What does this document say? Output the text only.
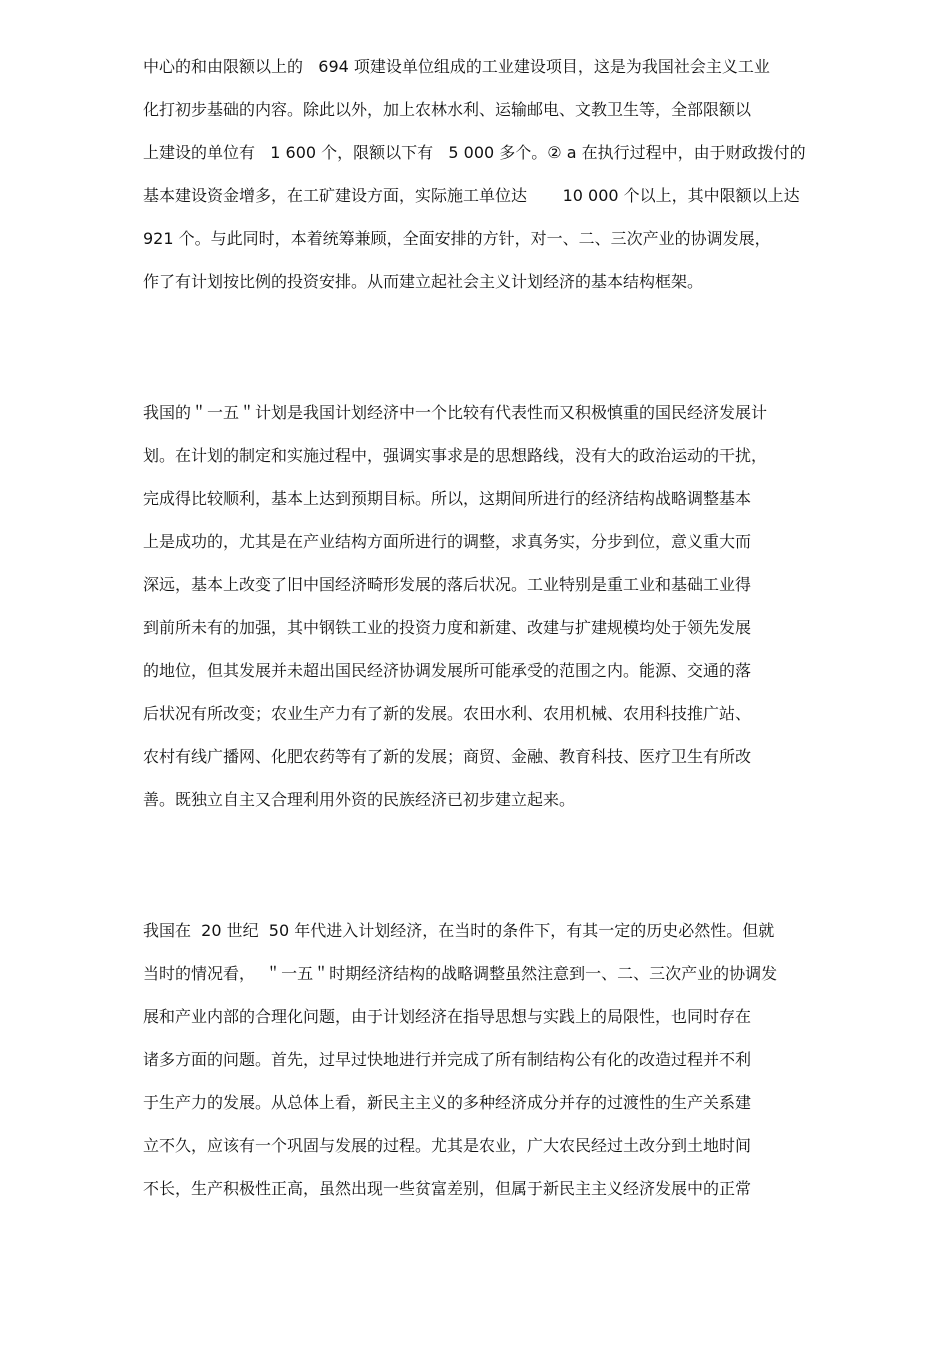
中心的和由限额以上的   694 项建设单位组成的工业建设项目，这是为我国社会主义工业
化打初步基础的内容。除此以外，加上农林水利、运输邮电、文教卫生等，全部限额以
上建设的单位有   1 600 个，限额以下有   5 000 多个。② a 在执行过程中，由于财政拨付的
基本建设资金增多，在工矿建设方面，实际施工单位达       10 000 个以上，其中限额以上达
921 个。与此同时，本着统筹兼顾，全面安排的方针，对一、二、三次产业的协调发展，
作了有计划按比例的投资安排。从而建立起社会主义计划经济的基本结构框架。
我国的＂一五＂计划是我国计划经济中一个比较有代表性而又积极慎重的国民经济发展计
划。在计划的制定和实施过程中，强调实事求是的思想路线，没有大的政治运动的干扰，
完成得比较顺利，基本上达到预期目标。所以，这期间所进行的经济结构战略调整基本
上是成功的，尤其是在产业结构方面所进行的调整，求真务实，分步到位，意义重大而
深远，基本上改变了旧中国经济畸形发展的落后状况。工业特别是重工业和基础工业得
到前所未有的加强，其中钢铁工业的投资力度和新建、改建与扩建规模均处于领先发展
的地位，但其发展并未超出国民经济协调发展所可能承受的范围之内。能源、交通的落
后状况有所改变；农业生产力有了新的发展。农田水利、农用机械、农用科技推广站、
农村有线广播网、化肥农药等有了新的发展；商贸、金融、教育科技、医疗卫生有所改
善。既独立自主又合理利用外资的民族经济已初步建立起来。
我国在  20 世纪  50 年代进入计划经济，在当时的条件下，有其一定的历史必然性。但就
当时的情况看，  ＂一五＂时期经济结构的战略调整虽然注意到一、二、三次产业的协调发
展和产业内部的合理化问题，由于计划经济在指导思想与实践上的局限性，也同时存在
诸多方面的问题。首先，过早过快地进行并完成了所有制结构公有化的改造过程并不利
于生产力的发展。从总体上看，新民主主义的多种经济成分并存的过渡性的生产关系建
立不久，应该有一个巩固与发展的过程。尤其是农业，广大农民经过土改分到土地时间
不长，生产积极性正高，虽然出现一些贫富差别，但属于新民主主义经济发展中的正常
